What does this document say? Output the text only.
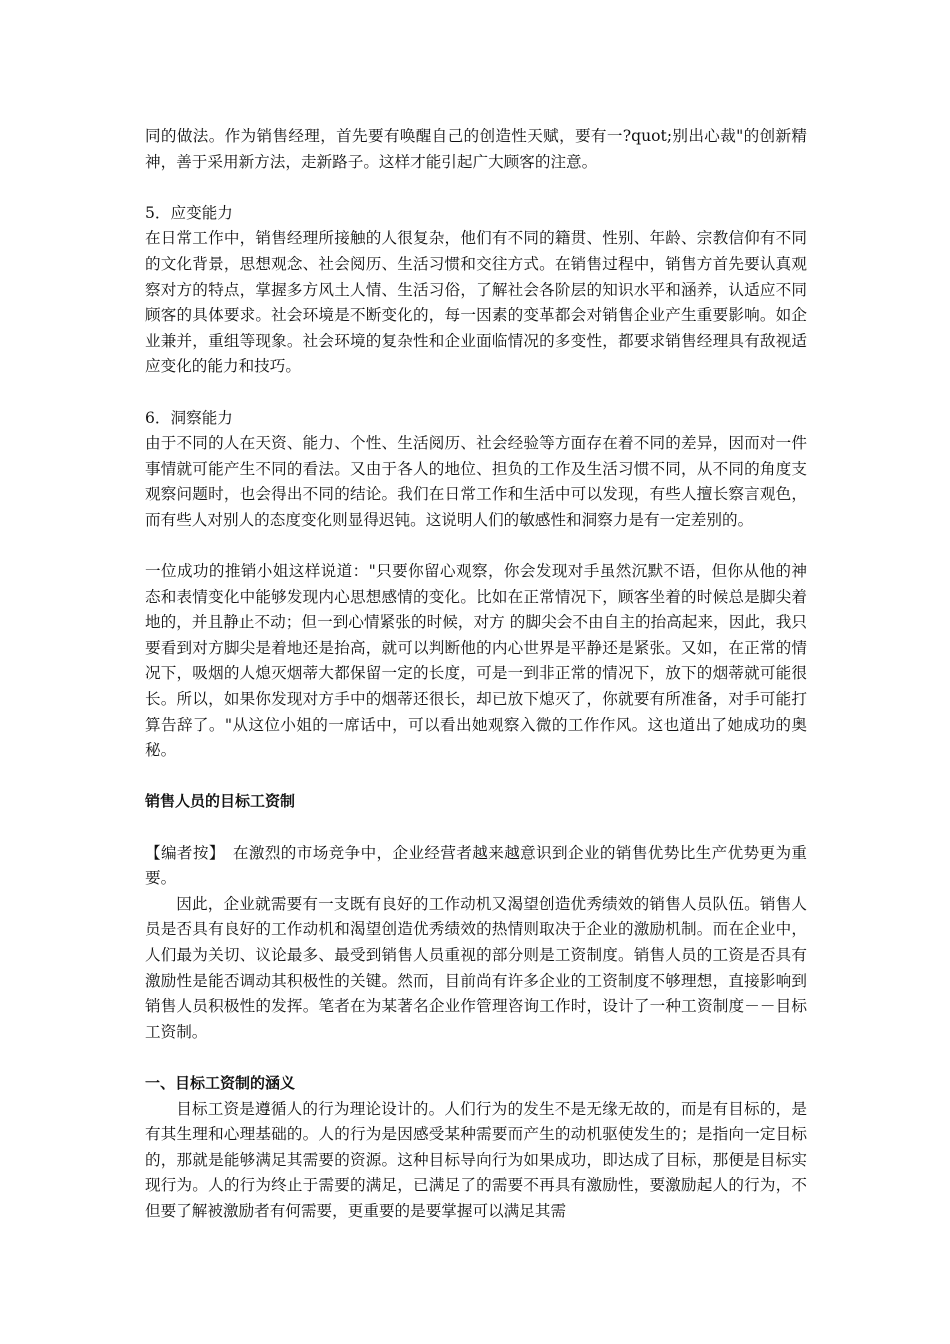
同的做法。作为销售经理，首先要有唤醒自己的创造性天赋，要有一?quot;别出心裁"的创新精神，善于采用新方法，走新路子。这样才能引起广大顾客的注意。

5．应变能力

在日常工作中，销售经理所接触的人很复杂，他们有不同的籍贯、性别、年龄、宗教信仰有不同的文化背景，思想观念、社会阅历、生活习惯和交往方式。在销售过程中，销售方首先要认真观察对方的特点，掌握多方风土人情、生活习俗，了解社会各阶层的知识水平和涵养，认适应不同顾客的具体要求。社会环境是不断变化的，每一因素的变革都会对销售企业产生重要影响。如企业兼并，重组等现象。社会环境的复杂性和企业面临情况的多变性，都要求销售经理具有敌视适应变化的能力和技巧。

6．洞察能力

由于不同的人在天资、能力、个性、生活阅历、社会经验等方面存在着不同的差异，因而对一件事情就可能产生不同的看法。又由于各人的地位、担负的工作及生活习惯不同，从不同的角度支观察问题时，也会得出不同的结论。我们在日常工作和生活中可以发现，有些人擅长察言观色，而有些人对别人的态度变化则显得迟钝。这说明人们的敏感性和洞察力是有一定差别的。

一位成功的推销小姐这样说道："只要你留心观察，你会发现对手虽然沉默不语，但你从他的神态和表情变化中能够发现内心思想感情的变化。比如在正常情况下，顾客坐着的时候总是脚尖着地的，并且静止不动；但一到心情紧张的时候，对方 的脚尖会不由自主的抬高起来，因此，我只要看到对方脚尖是着地还是抬高，就可以判断他的内心世界是平静还是紧张。又如，在正常的情况下，吸烟的人熄灭烟蒂大都保留一定的长度，可是一到非正常的情况下，放下的烟蒂就可能很长。所以，如果你发现对方手中的烟蒂还很长，却已放下熄灭了，你就要有所准备，对手可能打算告辞了。"从这位小姐的一席话中，可以看出她观察入微的工作作风。这也道出了她成功的奥秘。

销售人员的目标工资制

【编者按】　在激烈的市场竞争中，企业经营者越来越意识到企业的销售优势比生产优势更为重要。

因此，企业就需要有一支既有良好的工作动机又渴望创造优秀绩效的销售人员队伍。销售人员是否具有良好的工作动机和渴望创造优秀绩效的热情则取决于企业的激励机制。而在企业中，人们最为关切、议论最多、最受到销售人员重视的部分则是工资制度。销售人员的工资是否具有激励性是能否调动其积极性的关键。然而，目前尚有许多企业的工资制度不够理想，直接影响到销售人员积极性的发挥。笔者在为某著名企业作管理咨询工作时，设计了一种工资制度－－目标工资制。

一、目标工资制的涵义

目标工资是遵循人的行为理论设计的。人们行为的发生不是无缘无故的，而是有目标的，是有其生理和心理基础的。人的行为是因感受某种需要而产生的动机驱使发生的；是指向一定目标的，那就是能够满足其需要的资源。这种目标导向行为如果成功，即达成了目标，那便是目标实现行为。人的行为终止于需要的满足，已满足了的需要不再具有激励性，要激励起人的行为，不但要了解被激励者有何需要，更重要的是要掌握可以满足其需
